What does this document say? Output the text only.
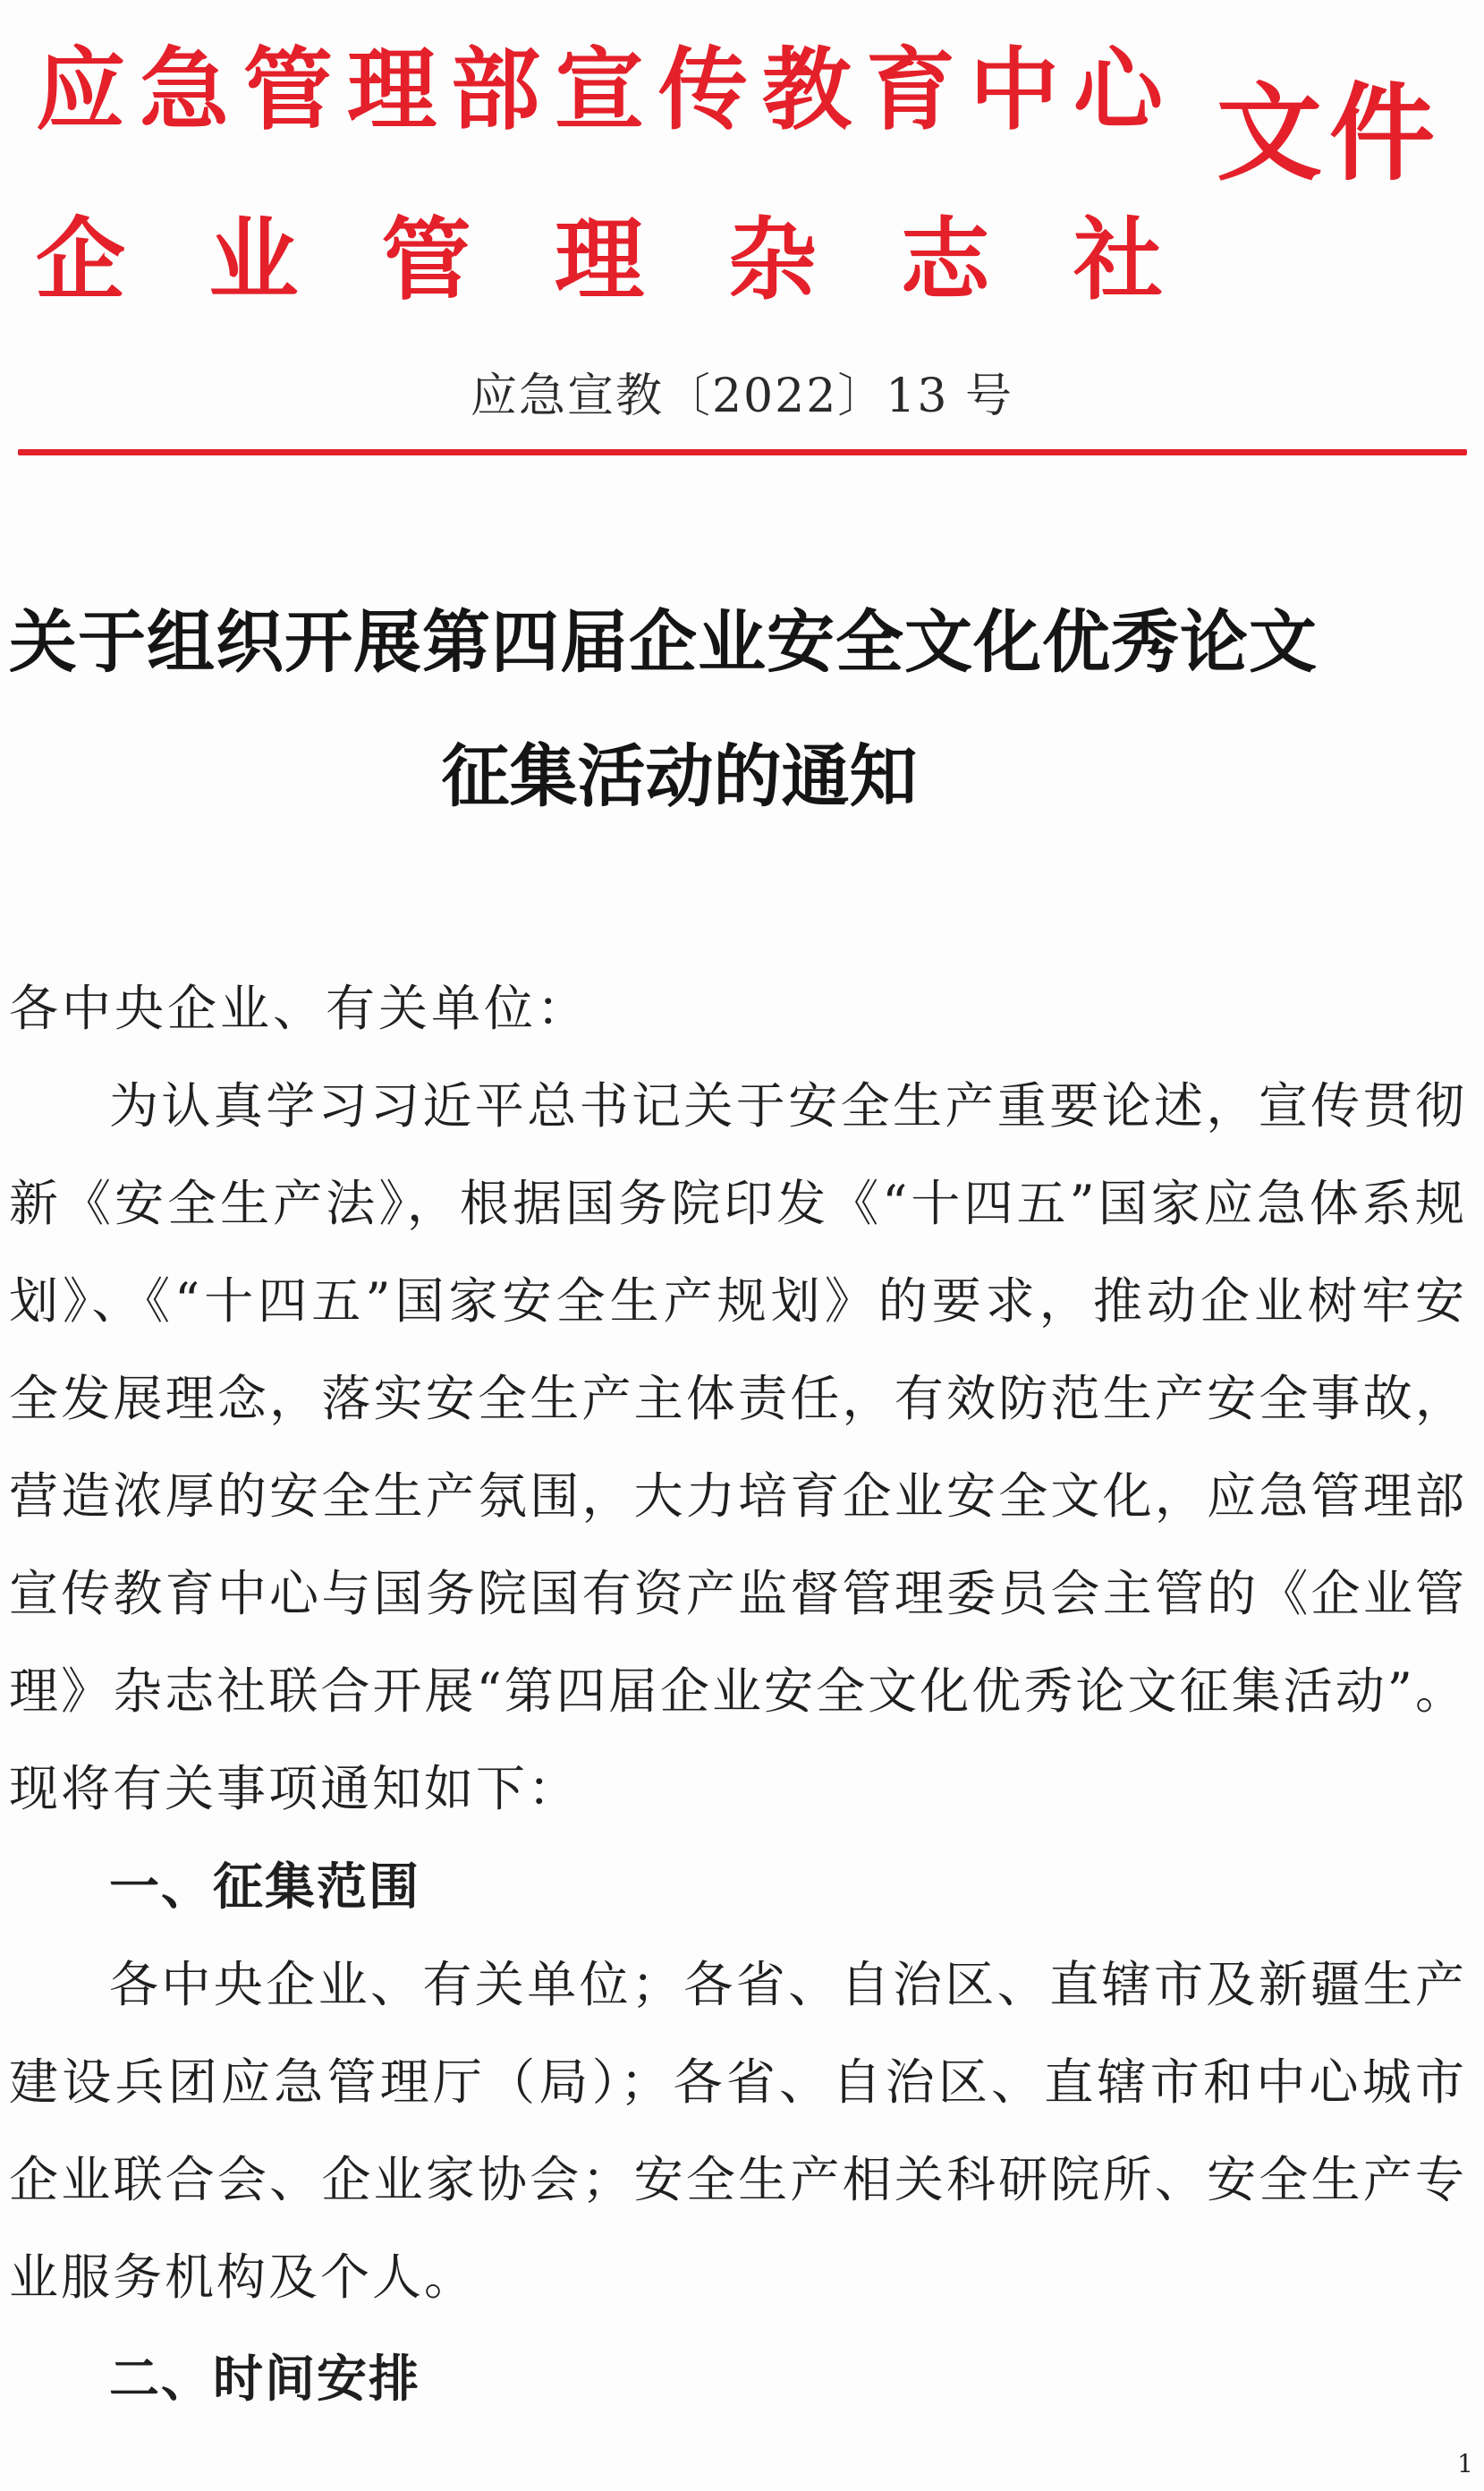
应 急 管 理 部 宣 传 教 育 中 心
企 业 管 理 杂 志 社
文件
应急宣教〔2022〕13 号
关于组织开展第四届企业安全文化优秀论文
征集活动的通知
各中央企业、有关单位：

为认真学习习近平总书记关于安全生产重要论述，宣传贯彻新《安全生产法》，根据国务院印发《“十四五”国家应急体系规划》、《“十四五”国家安全生产规划》的要求，推动企业树牢安全发展理念，落实安全生产主体责任，有效防范生产安全事故，营造浓厚的安全生产氛围，大力培育企业安全文化，应急管理部宣传教育中心与国务院国有资产监督管理委员会主管的《企业管理》杂志社联合开展“第四届企业安全文化优秀论文征集活动”。现将有关事项通知如下：

一、征集范围

各中央企业、有关单位；各省、自治区、直辖市及新疆生产建设兵团应急管理厅（局）；各省、自治区、直辖市和中心城市企业联合会、企业家协会；安全生产相关科研院所、安全生产专业服务机构及个人。

二、时间安排
1
